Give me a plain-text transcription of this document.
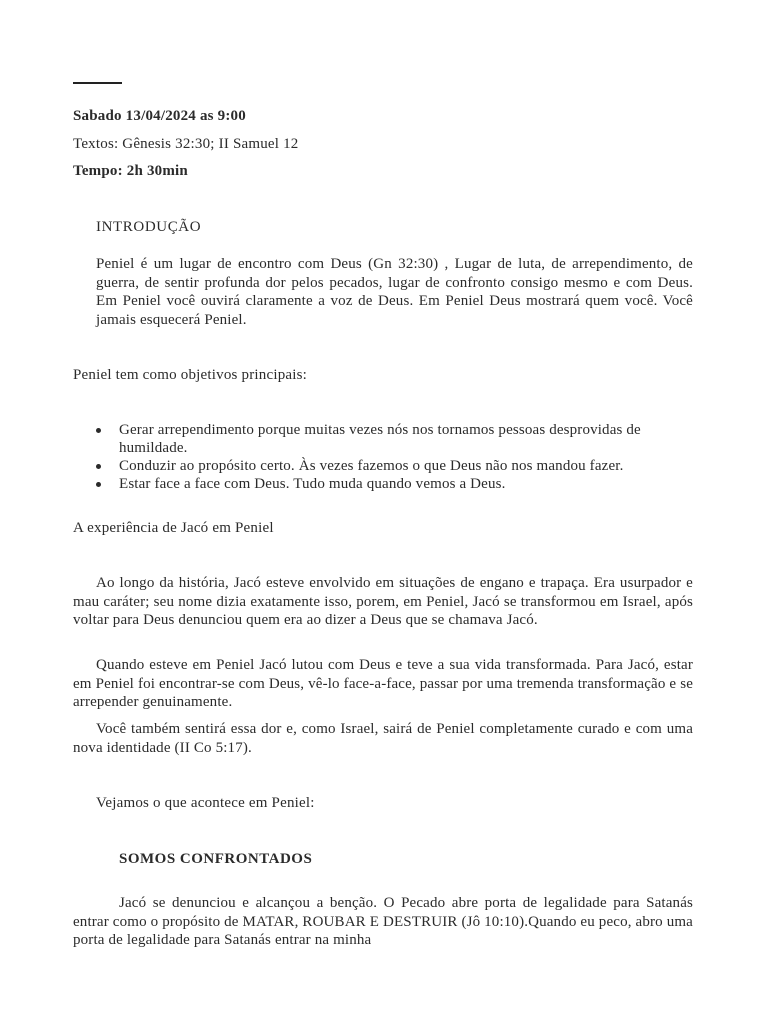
Sabado 13/04/2024 as 9:00
Textos: Gênesis 32:30; II Samuel 12
Tempo: 2h 30min
INTRODUÇÃO
Peniel é um lugar de encontro com Deus (Gn 32:30) , Lugar de luta, de arrependimento, de guerra, de sentir profunda dor pelos pecados, lugar de confronto consigo mesmo e com Deus. Em Peniel você ouvirá claramente a voz de Deus. Em Peniel Deus mostrará quem você. Você jamais esquecerá Peniel.
Peniel tem como objetivos principais:
Gerar arrependimento porque muitas vezes nós nos tornamos pessoas desprovidas de humildade.
Conduzir ao propósito certo. Às vezes fazemos o que Deus não nos mandou fazer.
Estar face a face com Deus. Tudo muda quando vemos a Deus.
A experiência de Jacó em Peniel
Ao longo da história, Jacó esteve envolvido em situações de engano e trapaça. Era usurpador e mau caráter; seu nome dizia exatamente isso, porem, em Peniel, Jacó se transformou em Israel, após voltar para Deus denunciou quem era ao dizer a Deus que se chamava Jacó.
Quando esteve em Peniel Jacó lutou com Deus e teve a sua vida transformada. Para Jacó, estar em Peniel foi encontrar-se com Deus, vê-lo face-a-face, passar por uma tremenda transformação e se arrepender genuinamente.
Você também sentirá essa dor e, como Israel, sairá de Peniel completamente curado e com uma nova identidade (II Co 5:17).
Vejamos o que acontece em Peniel:
SOMOS CONFRONTADOS
Jacó se denunciou e alcançou a benção. O Pecado abre porta de legalidade para Satanás entrar como o propósito de MATAR, ROUBAR E DESTRUIR (Jô 10:10).Quando eu peco, abro uma porta de legalidade para Satanás entrar na minha
